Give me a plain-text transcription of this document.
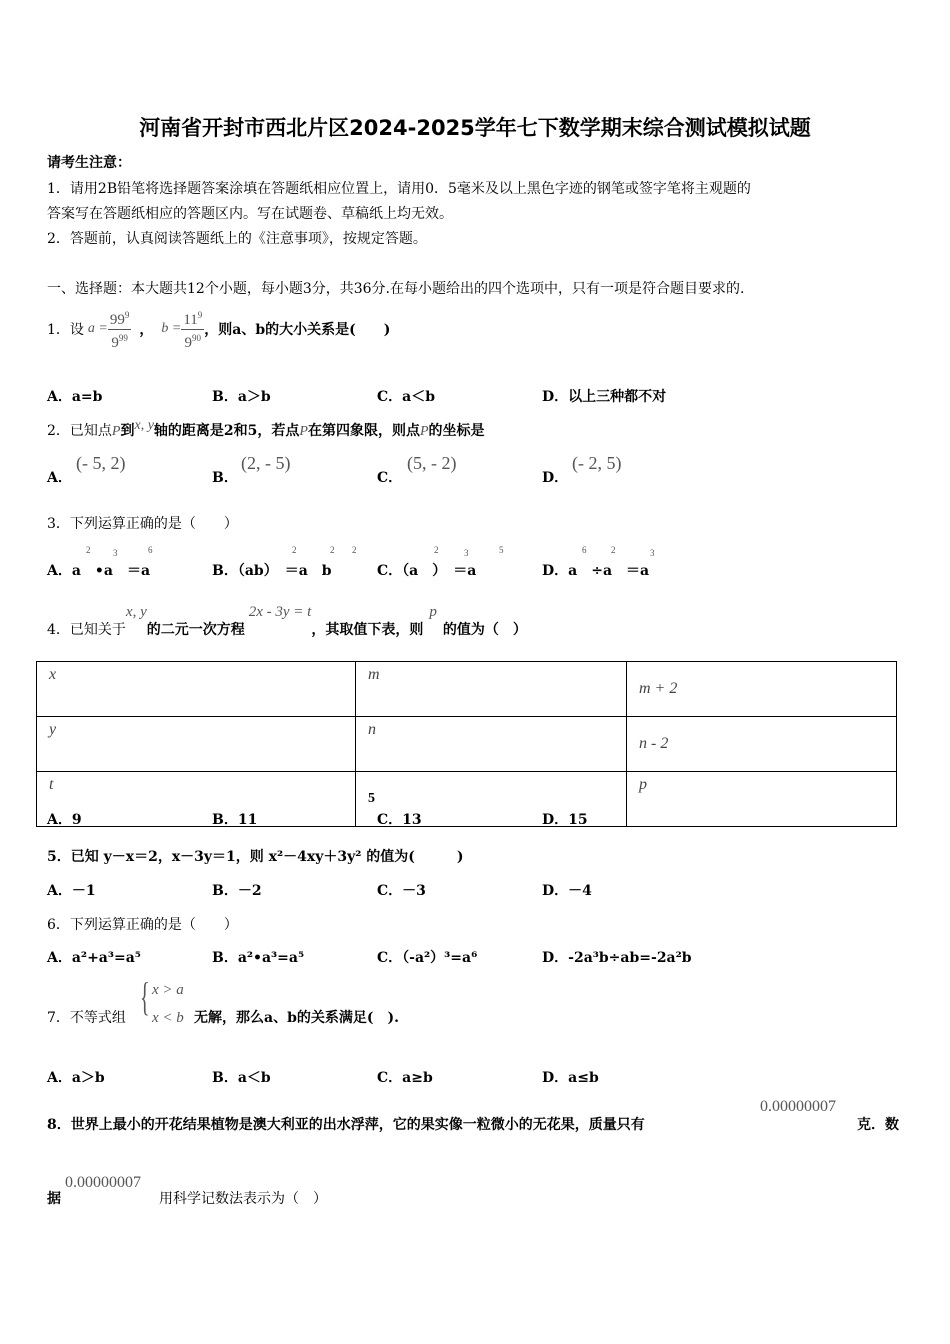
河南省开封市西北片区2024-2025学年七下数学期末综合测试模拟试题
请考生注意：
1．请用2B铅笔将选择题答案涂填在答题纸相应位置上，请用0．5毫米及以上黑色字迹的钢笔或签字笔将主观题的
答案写在答题纸相应的答题区内。写在试题卷、草稿纸上均无效。
2．答题前，认真阅读答题纸上的《注意事项》，按规定答题。
一、选择题：本大题共12个小题，每小题3分，共36分.在每小题给出的四个选项中，只有一项是符合题目要求的.
1．设 $a = \frac{99^9}{9^{99}}$ ， $b = \frac{11^9}{9^{90}}$ ，则a、b的大小关系是(　　)
A．a=b	B．a＞b	C．a＜b	D．以上三种都不对
2．已知点P到x, y轴的距离是2和5，若点P在第四象限，则点P的坐标是
A．
(- 5, 2)
B．
(2, - 5)
C．
(5, - 2)
D．
(- 2, 5)
3．下列运算正确的是（　　）
A．a　•a　＝a
2	3	6
B．（ab）　＝a　b
2	2 2
C．（a　）　＝a
2	3	5
D．a　÷a　＝a
6	2	3
4．已知关于
x, y
的二元一次方程
2x - 3y = t
，其取值下表，则
p
的值为（　）
x	m	m + 2
y	n	n - 2
t	5	p
A．9	B．11	C．13	D．15
5．已知 y－x＝2，x－3y＝1，则 x²－4xy＋3y² 的值为(　　　)
A．－1	B．－2	C．－3	D．－4
6．下列运算正确的是（　　）
A．a²+a³=a⁵	B．a²•a³=a⁵	C．（-a²）³=a⁶	D．-2a³b÷ab=-2a²b
7．不等式组 { x > a
x < b 无解，那么a、b的关系满足(　).
A．a＞b	B．a＜b	C．a≥b	D．a≤b
8．世界上最小的开花结果植物是澳大利亚的出水浮萍，它的果实像一粒微小的无花果，质量只有
0.00000007
克．数
据
0.00000007
用科学记数法表示为（　）
